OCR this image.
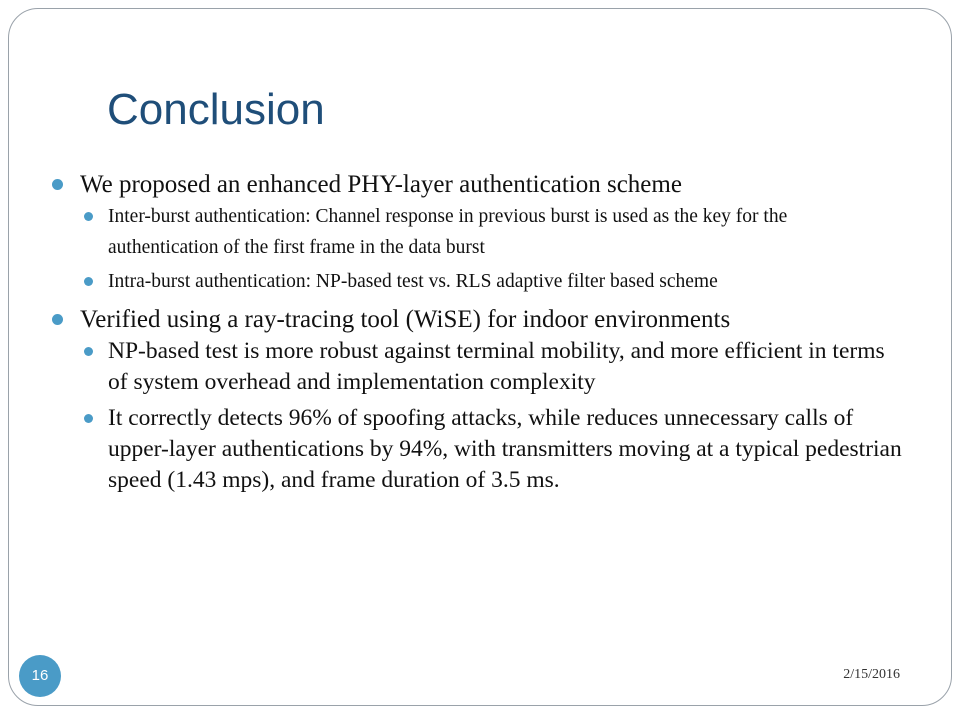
Conclusion
We proposed an enhanced PHY-layer authentication scheme
Inter-burst authentication: Channel response in previous burst is used as the key for the authentication of the first frame in the data burst
Intra-burst authentication: NP-based test vs. RLS adaptive filter based scheme
Verified using a ray-tracing tool (WiSE) for indoor environments
NP-based test is more robust against terminal mobility, and more efficient in terms of system overhead and implementation complexity
It correctly detects 96% of spoofing attacks, while reduces unnecessary calls of upper-layer authentications by 94%, with transmitters moving at a typical pedestrian speed (1.43 mps), and frame duration of 3.5 ms.
2/15/2016
16
